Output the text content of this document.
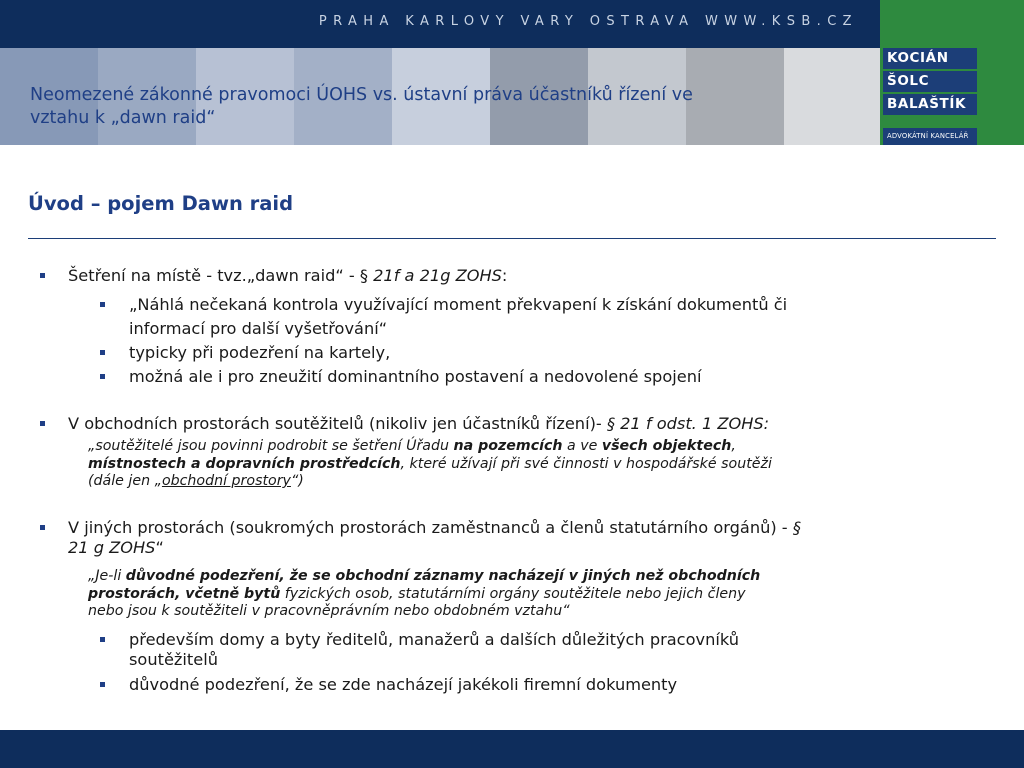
PRAHA KARLOVY VARY OSTRAVA WWW.KSB.CZ
Neomezené zákonné pravomoci ÚOHS vs. ústavní práva účastníků řízení ve
vztahu k „dawn raid“
KOCIÁN
ŠOLC
BALAŠTÍK
ADVOKÁTNÍ KANCELÁŘ
Úvod – pojem Dawn raid
Šetření na místě - tvz.„dawn raid“ - § 21f a 21g ZOHS:
„Náhlá nečekaná kontrola využívající moment překvapení k získání dokumentů či
informací pro další vyšetřování“
typicky při podezření na kartely,
možná ale i pro zneužití dominantního postavení a nedovolené spojení
V obchodních prostorách soutěžitelů (nikoliv jen účastníků řízení)- § 21 f odst. 1 ZOHS:
„soutěžitelé jsou povinni podrobit se šetření Úřadu na pozemcích a ve všech objektech,
místnostech a dopravních prostředcích, které užívají při své činnosti v hospodářské soutěži
(dále jen „obchodní prostory“)
V jiných prostorách (soukromých prostorách zaměstnanců a členů statutárního orgánů) - §
21 g ZOHS“
„Je-li důvodné podezření, že se obchodní záznamy nacházejí v jiných než obchodních
prostorách, včetně bytů fyzických osob, statutárními orgány soutěžitele nebo jejich členy
nebo jsou k soutěžiteli v pracovněprávním nebo obdobném vztahu“
především domy a byty ředitelů, manažerů a dalších důležitých pracovníků
soutěžitelů
důvodné podezření, že se zde nacházejí jakékoli firemní dokumenty
